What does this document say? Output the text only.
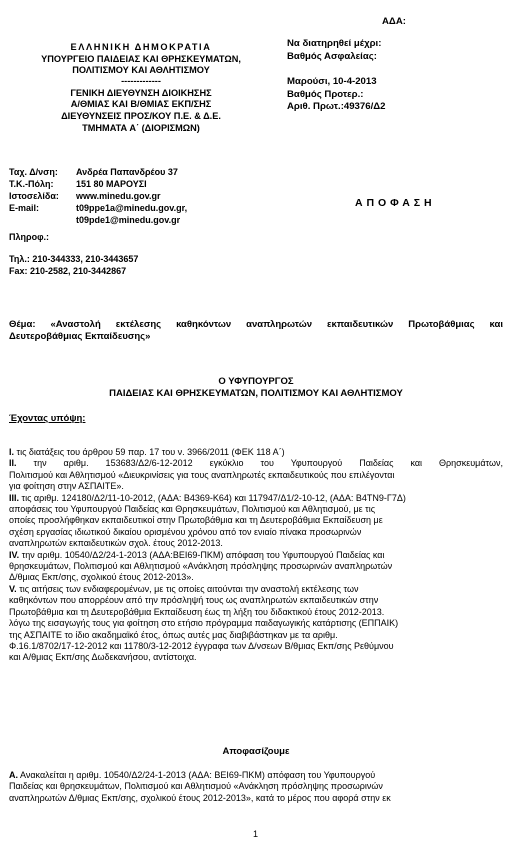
ΑΔΑ:
Να διατηρηθεί μέχρι:
Βαθμός Ασφαλείας:
Μαρούσι, 10-4-2013
Βαθμός Προτερ.:
Αριθ. Πρωτ.:49376/Δ2
ΕΛΛΗΝΙΚΗ ΔΗΜΟΚΡΑΤΙΑ
ΥΠΟΥΡΓΕΙΟ ΠΑΙΔΕΙΑΣ ΚΑΙ ΘΡΗΣΚΕΥΜΑΤΩΝ,
ΠΟΛΙΤΙΣΜΟΥ ΚΑΙ ΑΘΛΗΤΙΣΜΟΥ
-------------
ΓΕΝΙΚΗ ΔΙΕΥΘΥΝΣΗ ΔΙΟΙΚΗΣΗΣ
Α/ΘΜΙΑΣ ΚΑΙ Β/ΘΜΙΑΣ ΕΚΠ/ΣΗΣ
ΔΙΕΥΘΥΝΣΕΙΣ ΠΡΟΣ/ΚΟΥ Π.Ε. & Δ.Ε.
ΤΜΗΜΑΤΑ Α΄ (ΔΙΟΡΙΣΜΩΝ)
Ταχ. Δ/νση:	Ανδρέα Παπανδρέου 37
Τ.Κ.-Πόλη:	151 80 ΜΑΡΟΥΣΙ
Ιστοσελίδα:	www.minedu.gov.gr
E-mail:	t09ppe1a@minedu.gov.gr,
t09pde1@minedu.gov.gr
Πληροφ.:
Τηλ.: 210-344333, 210-3443657
Fax: 210-2582, 210-3442867
Α Π Ο Φ Α Σ Η
Θέμα: «Αναστολή εκτέλεσης καθηκόντων αναπληρωτών εκπαιδευτικών Πρωτοβάθμιας και
Δευτεροβάθμιας Εκπαίδευσης»
Ο ΥΦΥΠΟΥΡΓΟΣ
ΠΑΙΔΕΙΑΣ ΚΑΙ ΘΡΗΣΚΕΥΜΑΤΩΝ, ΠΟΛΙΤΙΣΜΟΥ ΚΑΙ ΑΘΛΗΤΙΣΜΟΥ
Έχοντας υπόψη:
I. τις διατάξεις του άρθρου 59 παρ. 17 του ν. 3966/2011 (ΦΕΚ 118 Α΄)
II. την αριθμ. 153683/Δ2/6-12-2012 εγκύκλιο του Υφυπουργού Παιδείας και Θρησκευμάτων,
Πολιτισμού και Αθλητισμού «Διευκρινίσεις για τους αναπληρωτές εκπαιδευτικούς που επιλέγονται
για φοίτηση στην ΑΣΠΑΙΤΕ».
III. τις αριθμ. 124180/Δ2/11-10-2012, (ΑΔΑ: Β4369-Κ64) και 117947/Δ1/2-10-12, (ΑΔΑ: Β4ΤΝ9-Γ7Δ)
αποφάσεις του Υφυπουργού Παιδείας και Θρησκευμάτων, Πολιτισμού και Αθλητισμού, με τις
οποίες προσλήφθηκαν εκπαιδευτικοί στην Πρωτοβάθμια και τη Δευτεροβάθμια Εκπαίδευση με
σχέση εργασίας ιδιωτικού δικαίου ορισμένου χρόνου από τον ενιαίο πίνακα προσωρινών
αναπληρωτών εκπαιδευτικών σχολ. έτους 2012-2013.
IV. την αριθμ. 10540/Δ2/24-1-2013 (ΑΔΑ:ΒΕΙ69-ΠΚΜ) απόφαση του Υφυπουργού Παιδείας και
θρησκευμάτων, Πολιτισμού και Αθλητισμού «Ανάκληση πρόσληψης προσωρινών αναπληρωτών
Δ/θμιας Εκπ/σης, σχολικού έτους 2012-2013».
V. τις αιτήσεις των ενδιαφερομένων, με τις οποίες αιτούνται την αναστολή εκτέλεσης των
καθηκόντων που απορρέουν από την πρόσληψή τους ως αναπληρωτών εκπαιδευτικών στην
Πρωτοβάθμια και τη Δευτεροβάθμια Εκπαίδευση έως τη λήξη του διδακτικού έτους 2012-2013.
λόγω της εισαγωγής τους για φοίτηση στο ετήσιο πρόγραμμα παιδαγωγικής κατάρτισης (ΕΠΠΑΙΚ)
της ΑΣΠΑΙΤΕ το ίδιο ακαδημαϊκό έτος, όπως αυτές μας διαβιβάστηκαν με τα αριθμ.
Φ.16.1/8702/17-12-2012 και 11780/3-12-2012 έγγραφα των Δ/νσεων Β/θμιας Εκπ/σης Ρεθύμνου
και Α/θμιας Εκπ/σης Δωδεκανήσου, αντίστοιχα.
Αποφασίζουμε
Α. Ανακαλείται η αριθμ. 10540/Δ2/24-1-2013 (ΑΔΑ: ΒΕΙ69-ΠΚΜ) απόφαση του Υφυπουργού
Παιδείας και θρησκευμάτων, Πολιτισμού και Αθλητισμού «Ανάκληση πρόσληψης προσωρινών
αναπληρωτών Δ/θμιας Εκπ/σης, σχολικού έτους 2012-2013», κατά το μέρος που αφορά στην εκ
1
